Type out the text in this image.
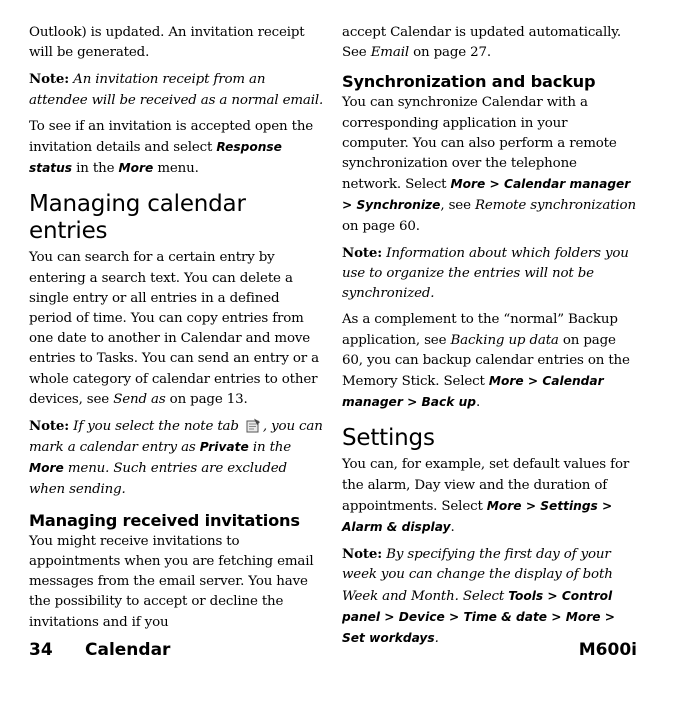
Outlook) is updated. An invitation receipt will be generated.

Note: An invitation receipt from an attendee will be received as a normal email.

To see if an invitation is accepted open the invitation details and select Response status in the More menu.

Managing calendar entries

You can search for a certain entry by entering a search text. You can delete a single entry or all entries in a defined period of time. You can copy entries from one date to another in Calendar and move entries to Tasks. You can send an entry or a whole category of calendar entries to other devices, see Send as on page 13.

Note: If you select the note tab , you can mark a calendar entry as Private in the More menu. Such entries are excluded when sending.

Managing received invitations

You might receive invitations to appointments when you are fetching email messages from the email server. You have the possibility to accept or decline the invitations and if you

accept Calendar is updated automatically. See Email on page 27.

Synchronization and backup

You can synchronize Calendar with a corresponding application in your computer. You can also perform a remote synchronization over the telephone network. Select More > Calendar manager > Synchronize, see Remote synchronization on page 60.

Note: Information about which folders you use to organize the entries will not be synchronized.

As a complement to the “normal” Backup application, see Backing up data on page 60, you can backup calendar entries on the Memory Stick. Select More > Calendar manager > Back up.

Settings

You can, for example, set default values for the alarm, Day view and the duration of appointments. Select More > Settings > Alarm & display.

Note: By specifying the first day of your week you can change the display of both Week and Month. Select Tools > Control panel > Device > Time & date > More > Set workdays.

34 Calendar	M600i
